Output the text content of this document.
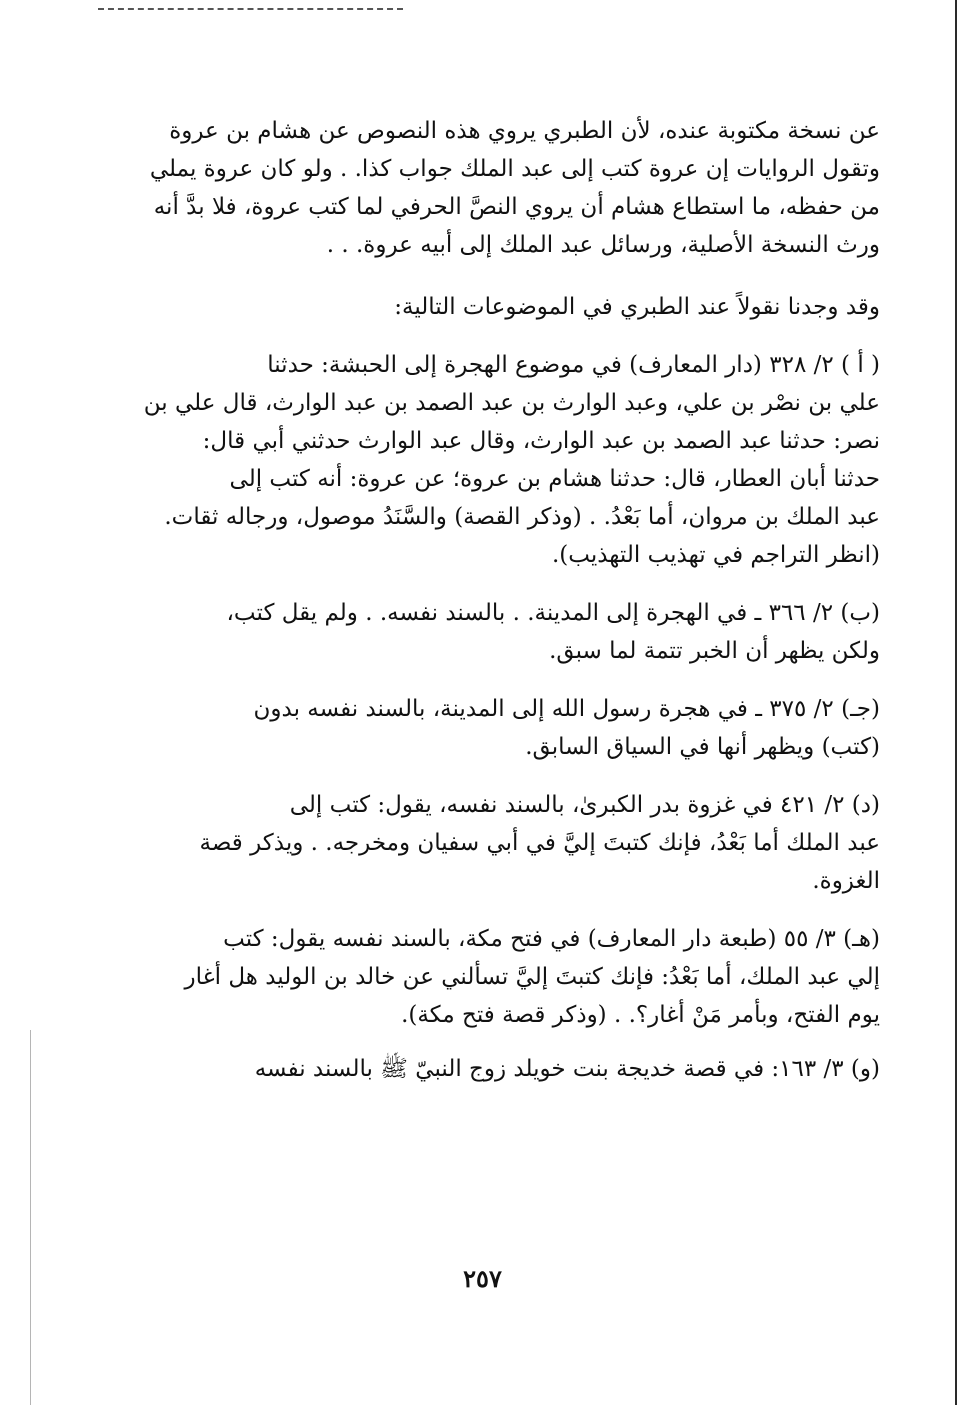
عن نسخة مكتوبة عنده، لأن الطبري يروي هذه النصوص عن هشام بن عروة
وتقول الروايات إن عروة كتب إلى عبد الملك جواب كذا. . ولو كان عروة يملي
من حفظه، ما استطاع هشام أن يروي النصَّ الحرفي لما كتب عروة، فلا بدَّ أنه
ورث النسخة الأصلية، ورسائل عبد الملك إلى أبيه عروة. . .

وقد وجدنا نقولاً عند الطبري في الموضوعات التالية:

( أ ) ٢/ ٣٢٨ (دار المعارف) في موضوع الهجرة إلى الحبشة: حدثنا
علي بن نصْر بن علي، وعبد الوارث بن عبد الصمد بن عبد الوارث، قال علي بن
نصر: حدثنا عبد الصمد بن عبد الوارث، وقال عبد الوارث حدثني أبي قال:
حدثنا أبان العطار، قال: حدثنا هشام بن عروة؛ عن عروة: أنه كتب إلى
عبد الملك بن مروان، أما بَعْدُ. . (وذكر القصة) والسَّنَدُ موصول، ورجاله ثقات.
(انظر التراجم في تهذيب التهذيب).

(ب) ٢/ ٣٦٦ ـ في الهجرة إلى المدينة. . بالسند نفسه. . ولم يقل كتب،
ولكن يظهر أن الخبر تتمة لما سبق.

(جـ) ٢/ ٣٧٥ ـ في هجرة رسول الله إلى المدينة، بالسند نفسه بدون
(كتب) ويظهر أنها في السياق السابق.

(د) ٢/ ٤٢١ في غزوة بدر الكبرىٰ، بالسند نفسه، يقول: كتب إلى
عبد الملك أما بَعْدُ، فإنك كتبتَ إليَّ في أبي سفيان ومخرجه. . ويذكر قصة
الغزوة.

(هـ) ٣/ ٥٥ (طبعة دار المعارف) في فتح مكة، بالسند نفسه يقول: كتب
إلي عبد الملك، أما بَعْدُ: فإنك كتبتَ إليَّ تسألني عن خالد بن الوليد هل أغار
يوم الفتح، وبأمر مَنْ أغار؟. . (وذكر قصة فتح مكة).

(و) ٣/ ١٦٣: في قصة خديجة بنت خويلد زوج النبيّ ﷺ بالسند نفسه

٢٥٧
